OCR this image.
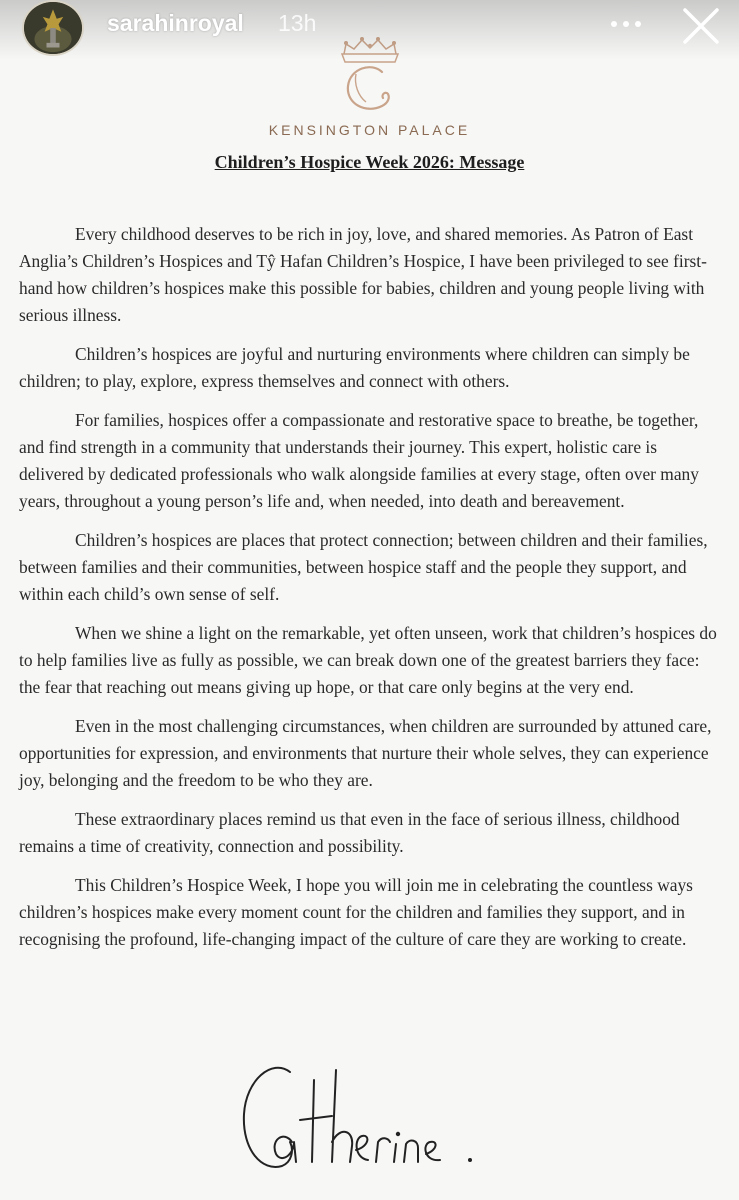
sarahinroyal 13h
KENSINGTON PALACE
Children’s Hospice Week 2026: Message

Every childhood deserves to be rich in joy, love, and shared memories. As Patron of East Anglia’s Children’s Hospices and Tŷ Hafan Children’s Hospice, I have been privileged to see first-hand how children’s hospices make this possible for babies, children and young people living with serious illness.

Children’s hospices are joyful and nurturing environments where children can simply be children; to play, explore, express themselves and connect with others.

For families, hospices offer a compassionate and restorative space to breathe, be together, and find strength in a community that understands their journey. This expert, holistic care is delivered by dedicated professionals who walk alongside families at every stage, often over many years, throughout a young person’s life and, when needed, into death and bereavement.

Children’s hospices are places that protect connection; between children and their families, between families and their communities, between hospice staff and the people they support, and within each child’s own sense of self.

When we shine a light on the remarkable, yet often unseen, work that children’s hospices do to help families live as fully as possible, we can break down one of the greatest barriers they face: the fear that reaching out means giving up hope, or that care only begins at the very end.

Even in the most challenging circumstances, when children are surrounded by attuned care, opportunities for expression, and environments that nurture their whole selves, they can experience joy, belonging and the freedom to be who they are.

These extraordinary places remind us that even in the face of serious illness, childhood remains a time of creativity, connection and possibility.

This Children’s Hospice Week, I hope you will join me in celebrating the countless ways children’s hospices make every moment count for the children and families they support, and in recognising the profound, life-changing impact of the culture of care they are working to create.
